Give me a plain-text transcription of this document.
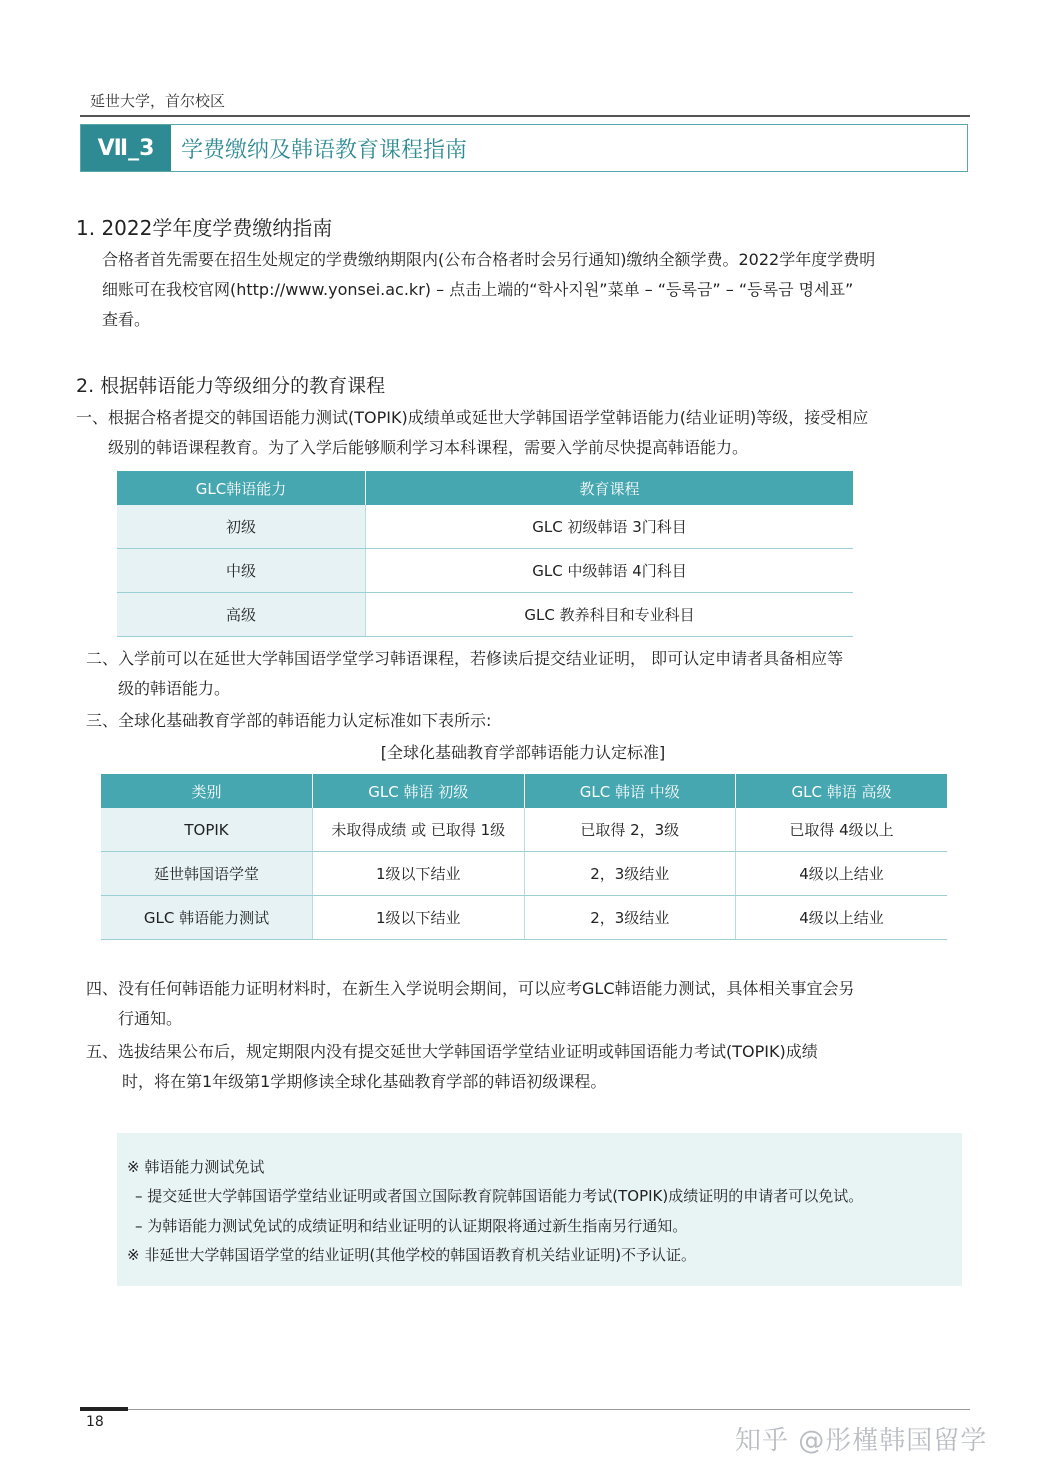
延世大学，首尔校区
Ⅶ_3	学费缴纳及韩语教育课程指南
1. 2022学年度学费缴纳指南
合格者首先需要在招生处规定的学费缴纳期限内(公布合格者时会另行通知)缴纳全额学费。2022学年度学费明
细账可在我校官网(http://www.yonsei.ac.kr) – 点击上端的“학사지원”菜单 – “등록금” – “등록금 명세표”
查看。
2. 根据韩语能力等级细分的教育课程
一、根据合格者提交的韩国语能力测试(TOPIK)成绩单或延世大学韩国语学堂韩语能力(结业证明)等级，接受相应
级别的韩语课程教育。为了入学后能够顺利学习本科课程，需要入学前尽快提高韩语能力。
GLC韩语能力	教育课程
初级	GLC 初级韩语 3门科目
中级	GLC 中级韩语 4门科目
高级	GLC 教养科目和专业科目
二、入学前可以在延世大学韩国语学堂学习韩语课程，若修读后提交结业证明， 即可认定申请者具备相应等
级的韩语能力。
三、全球化基础教育学部的韩语能力认定标准如下表所示:
[全球化基础教育学部韩语能力认定标准]
类别	GLC 韩语 初级	GLC 韩语 中级	GLC 韩语 高级
TOPIK	未取得成绩 或 已取得 1级	已取得 2，3级	已取得 4级以上
延世韩国语学堂	1级以下结业	2，3级结业	4级以上结业
GLC 韩语能力测试	1级以下结业	2，3级结业	4级以上结业
四、没有任何韩语能力证明材料时，在新生入学说明会期间，可以应考GLC韩语能力测试，具体相关事宜会另
行通知。
五、选拔结果公布后，规定期限内没有提交延世大学韩国语学堂结业证明或韩国语能力考试(TOPIK)成绩
时，将在第1年级第1学期修读全球化基础教育学部的韩语初级课程。
※ 韩语能力测试免试
– 提交延世大学韩国语学堂结业证明或者国立国际教育院韩国语能力考试(TOPIK)成绩证明的申请者可以免试。
– 为韩语能力测试免试的成绩证明和结业证明的认证期限将通过新生指南另行通知。
※ 非延世大学韩国语学堂的结业证明(其他学校的韩国语教育机关结业证明)不予认证。
18
知乎 @彤槿韩国留学
